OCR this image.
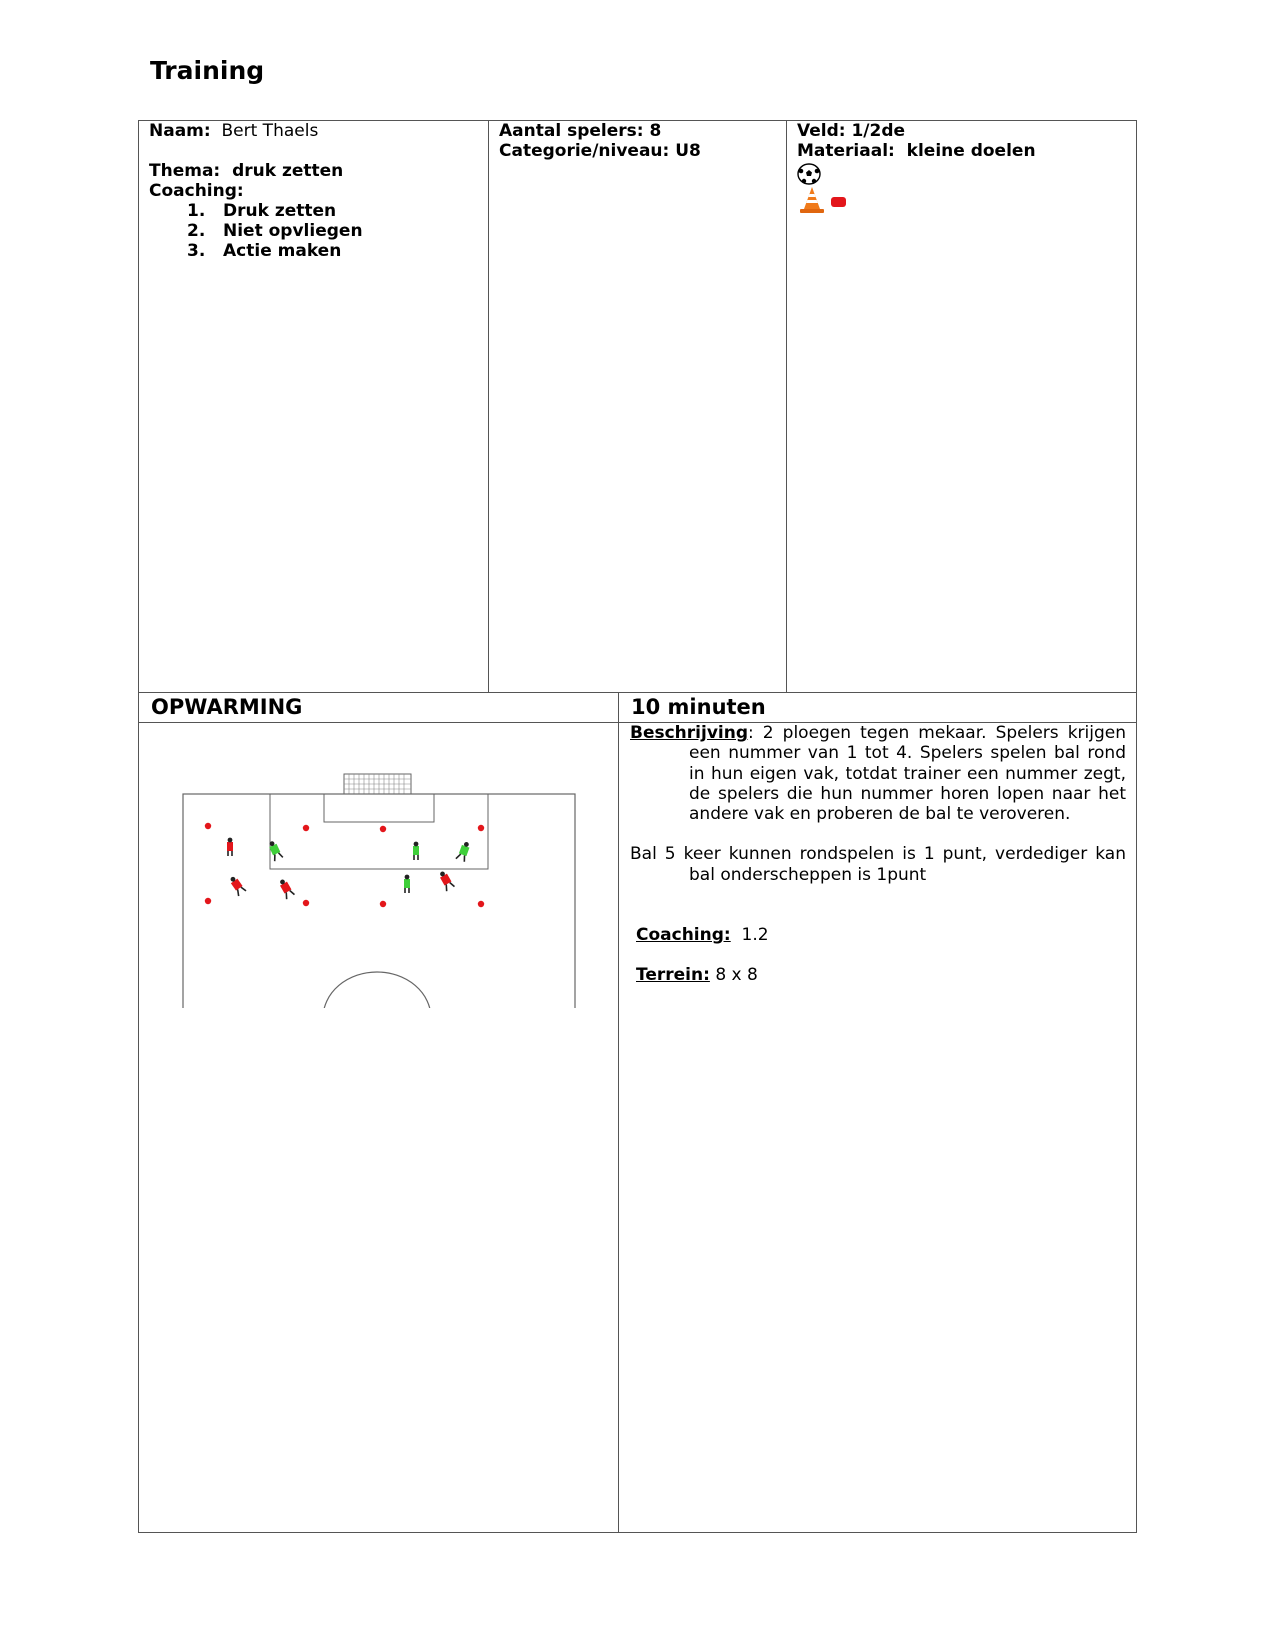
Training
Naam: Bert Thaels
Thema: druk zetten
Coaching:
1. Druk zetten
2. Niet opvliegen
3. Actie maken
Aantal spelers: 8
Categorie/niveau: U8
Veld: 1/2de
Materiaal: kleine doelen
OPWARMING	10 minuten

Beschrijving: 2 ploegen tegen mekaar. Spelers krijgen een nummer van 1 tot 4. Spelers spelen bal rond in hun eigen vak, totdat trainer een nummer zegt, de spelers die hun nummer horen lopen naar het andere vak en proberen de bal te veroveren.

Bal 5 keer kunnen rondspelen is 1 punt, verdediger kan bal onderscheppen is 1punt

Coaching: 1.2

Terrein: 8 x 8
